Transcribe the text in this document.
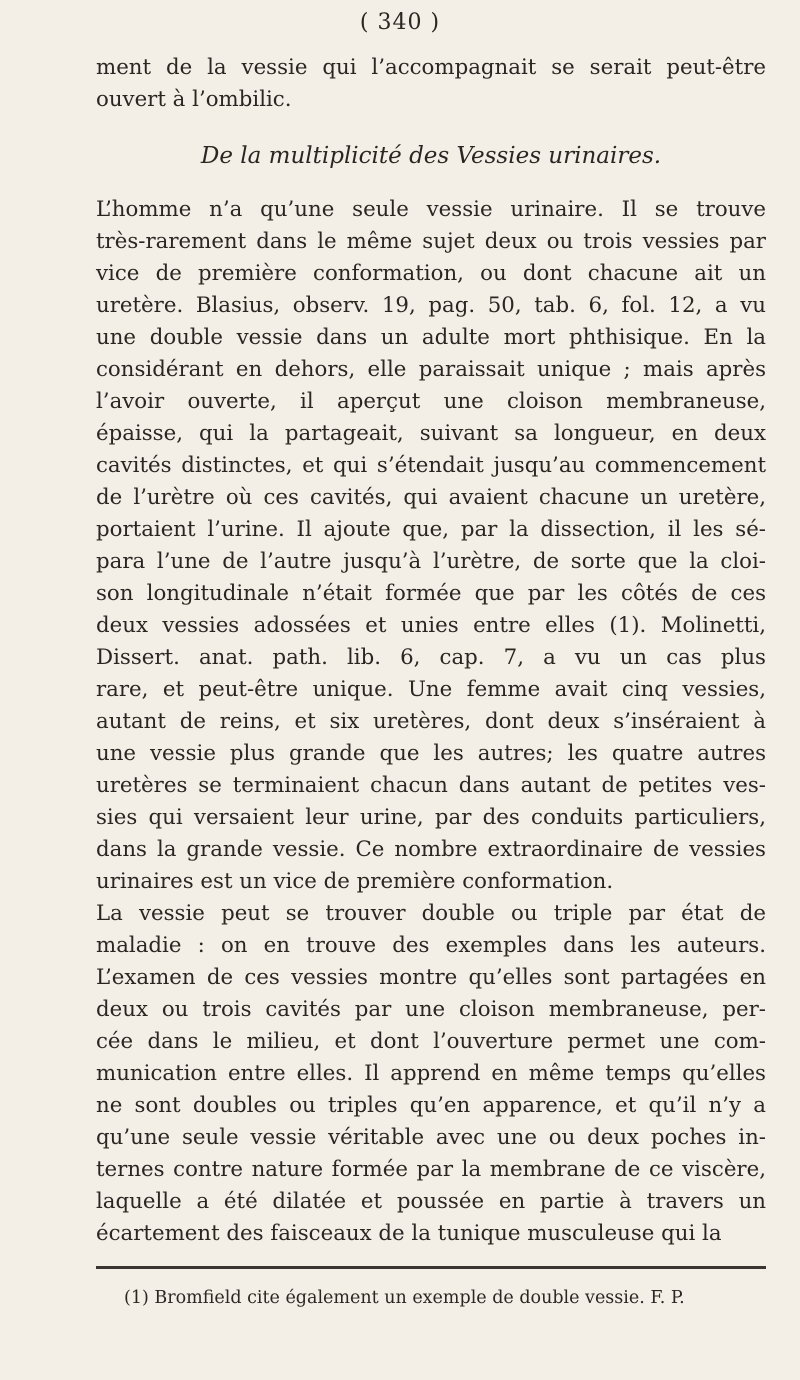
( 340 )
ment de la vessie qui l’accompagnait se serait peut-être
ouvert à l’ombilic.
De la multiplicité des Vessies urinaires.
L’homme n’a qu’une seule vessie urinaire. Il se trouve
très-rarement dans le même sujet deux ou trois vessies par
vice de première conformation, ou dont chacune ait un
uretère. Blasius, observ. 19, pag. 50, tab. 6, fol. 12, a vu
une double vessie dans un adulte mort phthisique. En la
considérant en dehors, elle paraissait unique ; mais après
l’avoir ouverte, il aperçut une cloison membraneuse,
épaisse, qui la partageait, suivant sa longueur, en deux
cavités distinctes, et qui s’étendait jusqu’au commencement
de l’urètre où ces cavités, qui avaient chacune un uretère,
portaient l’urine. Il ajoute que, par la dissection, il les sé-
para l’une de l’autre jusqu’à l’urètre, de sorte que la cloi-
son longitudinale n’était formée que par les côtés de ces
deux vessies adossées et unies entre elles (1). Molinetti,
Dissert. anat. path. lib. 6, cap. 7, a vu un cas plus
rare, et peut-être unique. Une femme avait cinq vessies,
autant de reins, et six uretères, dont deux s’inséraient à
une vessie plus grande que les autres; les quatre autres
uretères se terminaient chacun dans autant de petites ves-
sies qui versaient leur urine, par des conduits particuliers,
dans la grande vessie. Ce nombre extraordinaire de vessies
urinaires est un vice de première conformation.
La vessie peut se trouver double ou triple par état de
maladie : on en trouve des exemples dans les auteurs.
L’examen de ces vessies montre qu’elles sont partagées en
deux ou trois cavités par une cloison membraneuse, per-
cée dans le milieu, et dont l’ouverture permet une com-
munication entre elles. Il apprend en même temps qu’elles
ne sont doubles ou triples qu’en apparence, et qu’il n’y a
qu’une seule vessie véritable avec une ou deux poches in-
ternes contre nature formée par la membrane de ce viscère,
laquelle a été dilatée et poussée en partie à travers un
écartement des faisceaux de la tunique musculeuse qui la
(1) Bromfield cite également un exemple de double vessie. F. P.
